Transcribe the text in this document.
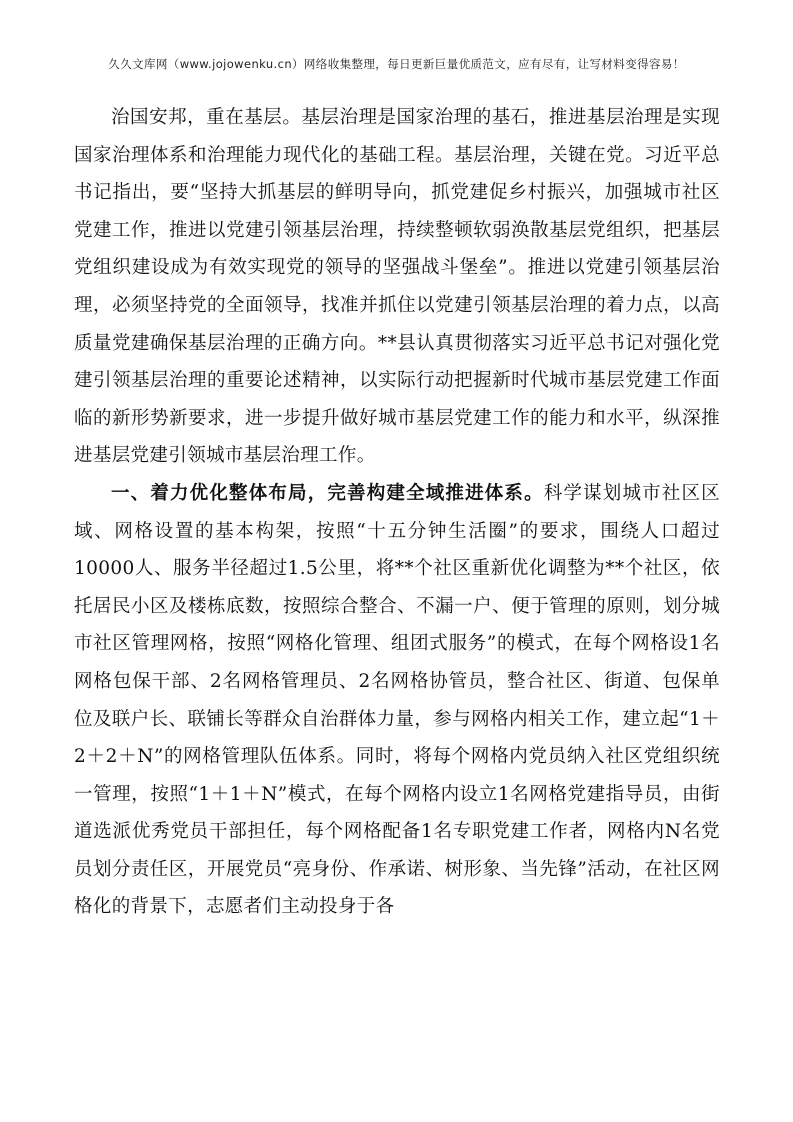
久久文库网（www.jojowenku.cn）网络收集整理，每日更新巨量优质范文，应有尽有，让写材料变得容易！

治国安邦，重在基层。基层治理是国家治理的基石，推进基层治理是实现国家治理体系和治理能力现代化的基础工程。基层治理，关键在党。习近平总书记指出，要“坚持大抓基层的鲜明导向，抓党建促乡村振兴，加强城市社区党建工作，推进以党建引领基层治理，持续整顿软弱涣散基层党组织，把基层党组织建设成为有效实现党的领导的坚强战斗堡垒”。推进以党建引领基层治理，必须坚持党的全面领导，找准并抓住以党建引领基层治理的着力点，以高质量党建确保基层治理的正确方向。**县认真贯彻落实习近平总书记对强化党建引领基层治理的重要论述精神，以实际行动把握新时代城市基层党建工作面临的新形势新要求，进一步提升做好城市基层党建工作的能力和水平，纵深推进基层党建引领城市基层治理工作。

一、着力优化整体布局，完善构建全域推进体系。科学谋划城市社区区域、网格设置的基本构架，按照“十五分钟生活圈”的要求，围绕人口超过10000人、服务半径超过1.5公里，将**个社区重新优化调整为**个社区，依托居民小区及楼栋底数，按照综合整合、不漏一户、便于管理的原则，划分城市社区管理网格，按照“网格化管理、组团式服务”的模式，在每个网格设1名网格包保干部、2名网格管理员、2名网格协管员，整合社区、街道、包保单位及联户长、联铺长等群众自治群体力量，参与网格内相关工作，建立起“1＋2＋2＋N”的网格管理队伍体系。同时，将每个网格内党员纳入社区党组织统一管理，按照“1＋1＋N”模式，在每个网格内设立1名网格党建指导员，由街道选派优秀党员干部担任，每个网格配备1名专职党建工作者，网格内N名党员划分责任区，开展党员“亮身份、作承诺、树形象、当先锋”活动，在社区网格化的背景下，志愿者们主动投身于各
